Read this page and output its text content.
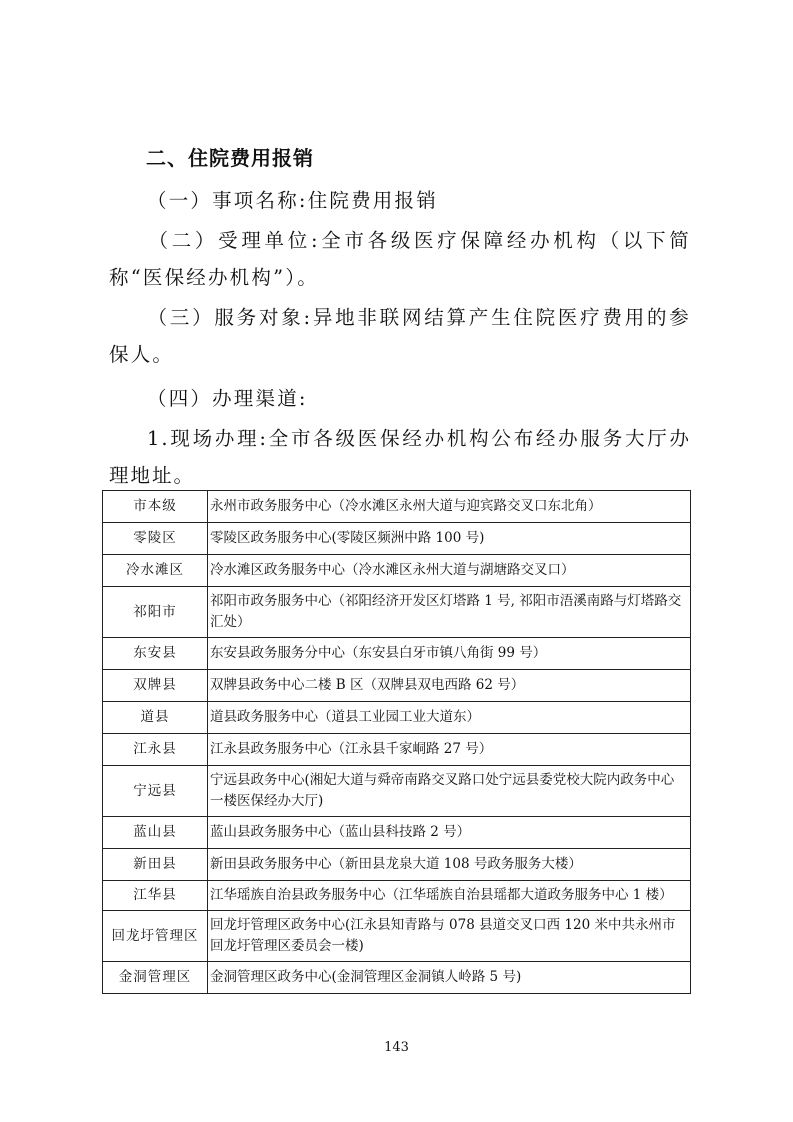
二、住院费用报销
（一）事项名称:住院费用报销
（二）受理单位:全市各级医疗保障经办机构（以下简称“医保经办机构”）。
（三）服务对象:异地非联网结算产生住院医疗费用的参保人。
（四）办理渠道:
1.现场办理:全市各级医保经办机构公布经办服务大厅办理地址。
市本级	永州市政务服务中心（冷水滩区永州大道与迎宾路交叉口东北角）
零陵区	零陵区政务服务中心(零陵区频洲中路 100 号)
冷水滩区	冷水滩区政务服务中心（冷水滩区永州大道与湖塘路交叉口）
祁阳市	祁阳市政务服务中心（祁阳经济开发区灯塔路 1 号, 祁阳市浯溪南路与灯塔路交汇处）
东安县	东安县政务服务分中心（东安县白牙市镇八角街 99 号）
双牌县	双牌县政务中心二楼 B 区（双牌县双电西路 62 号）
道县	道县政务服务中心（道县工业园工业大道东）
江永县	江永县政务服务中心（江永县千家峒路 27 号）
宁远县	宁远县政务中心(湘妃大道与舜帝南路交叉路口处宁远县委党校大院内政务中心一楼医保经办大厅)
蓝山县	蓝山县政务服务中心（蓝山县科技路 2 号）
新田县	新田县政务服务中心（新田县龙泉大道 108 号政务服务大楼）
江华县	江华瑶族自治县政务服务中心（江华瑶族自治县瑶都大道政务服务中心 1 楼）
回龙圩管理区	回龙圩管理区政务中心(江永县知青路与 078 县道交叉口西 120 米中共永州市回龙圩管理区委员会一楼)
金洞管理区	金洞管理区政务中心(金洞管理区金洞镇人岭路 5 号)
143
